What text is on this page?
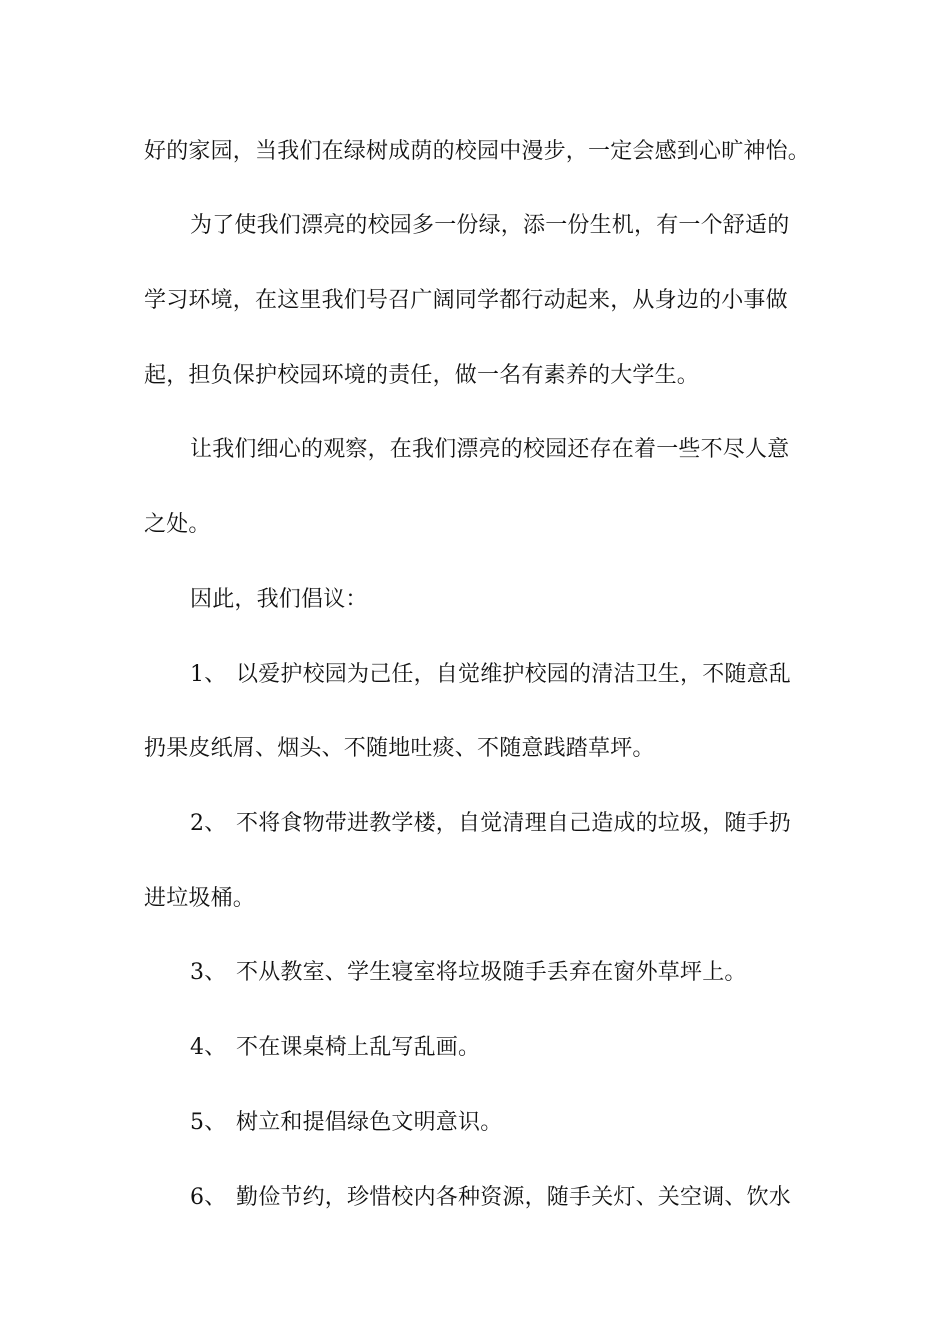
好的家园，当我们在绿树成荫的校园中漫步，一定会感到心旷神怡。
为了使我们漂亮的校园多一份绿，添一份生机，有一个舒适的
学习环境，在这里我们号召广阔同学都行动起来，从身边的小事做
起，担负保护校园环境的责任，做一名有素养的大学生。
让我们细心的观察，在我们漂亮的校园还存在着一些不尽人意
之处。
因此，我们倡议：
1、 以爱护校园为己任，自觉维护校园的清洁卫生，不随意乱
扔果皮纸屑、烟头、不随地吐痰、不随意践踏草坪。
2、 不将食物带进教学楼，自觉清理自己造成的垃圾，随手扔
进垃圾桶。
3、 不从教室、学生寝室将垃圾随手丢弃在窗外草坪上。
4、 不在课桌椅上乱写乱画。
5、 树立和提倡绿色文明意识。
6、 勤俭节约，珍惜校内各种资源，随手关灯、关空调、饮水
